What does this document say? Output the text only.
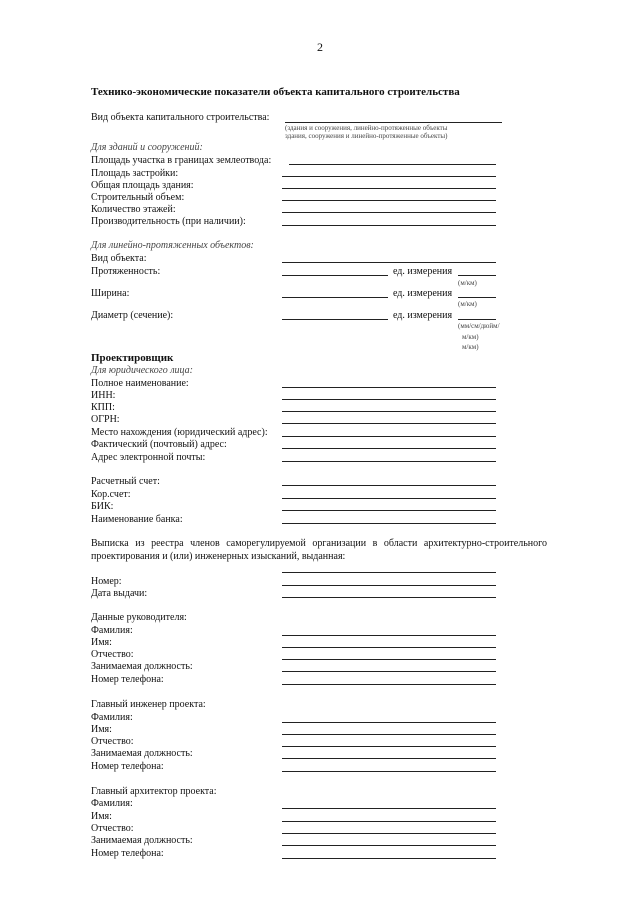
2
Технико-экономические показатели объекта капитального строительства
Вид объекта капитального строительства:
(здания и сооружения, линейно-протяженные объекты
здания, сооружения и линейно-протяженные объекты)
Для зданий и сооружений:
Площадь участка в границах землеотвода:
Площадь застройки:
Общая площадь здания:
Строительный объем:
Количество этажей:
Производительность (при наличии):
Для линейно-протяженных объектов:
Вид объекта:
Протяженность:	ед. измерения
(м/км)
Ширина:	ед. измерения
(м/км)
Диаметр (сечение):	ед. измерения
(мм/см/дюйм/
м/км)
м/км)
Проектировщик
Для юридического лица:
Полное наименование:
ИНН:
КПП:
ОГРН:
Место нахождения (юридический адрес):
Фактический (почтовый) адрес:
Адрес электронной почты:
Расчетный счет:
Кор.счет:
БИК:
Наименование банка:
Выписка из реестра членов саморегулируемой организации в области архитектурно-строительного проектирования и (или) инженерных изысканий, выданная:
Номер:
Дата выдачи:
Данные руководителя:
Фамилия:
Имя:
Отчество:
Занимаемая должность:
Номер телефона:
Главный инженер проекта:
Фамилия:
Имя:
Отчество:
Занимаемая должность:
Номер телефона:
Главный архитектор проекта:
Фамилия:
Имя:
Отчество:
Занимаемая должность:
Номер телефона:
